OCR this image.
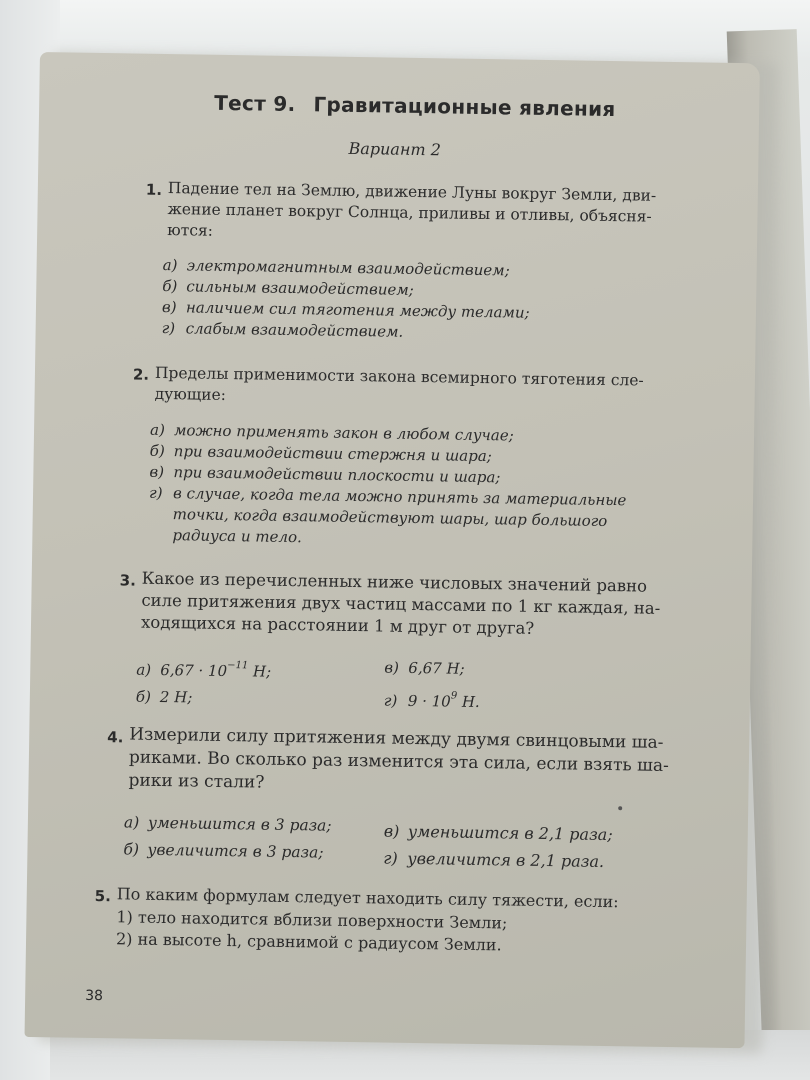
Тест 9. Гравитационные явления
Вариант 2
1. Падение тел на Землю, движение Луны вокруг Земли, дви-
жение планет вокруг Солнца, приливы и отливы, объясня-
ются:
а) электромагнитным взаимодействием;
б) сильным взаимодействием;
в) наличием сил тяготения между телами;
г) слабым взаимодействием.
2. Пределы применимости закона всемирного тяготения сле-
дующие:
а) можно применять закон в любом случае;
б) при взаимодействии стержня и шара;
в) при взаимодействии плоскости и шара;
г) в случае, когда тела можно принять за материальные
точки, когда взаимодействуют шары, шар большого
радиуса и тело.
3. Какое из перечисленных ниже числовых значений равно
силе притяжения двух частиц массами по 1 кг каждая, на-
ходящихся на расстоянии 1 м друг от друга?
а) $6,67 \cdot 10^{-11}$ Н;
б) 2 Н;
в) 6,67 Н;
г) $9 \cdot 10^9$ Н.
4. Измерили силу притяжения между двумя свинцовыми ша-
риками. Во сколько раз изменится эта сила, если взять ша-
рики из стали?
а) уменьшится в 3 раза;
б) увеличится в 3 раза;
в) уменьшится в 2,1 раза;
г) увеличится в 2,1 раза.
5. По каким формулам следует находить силу тяжести, если:
1) тело находится вблизи поверхности Земли;
2) на высоте h, сравнимой с радиусом Земли.
38
